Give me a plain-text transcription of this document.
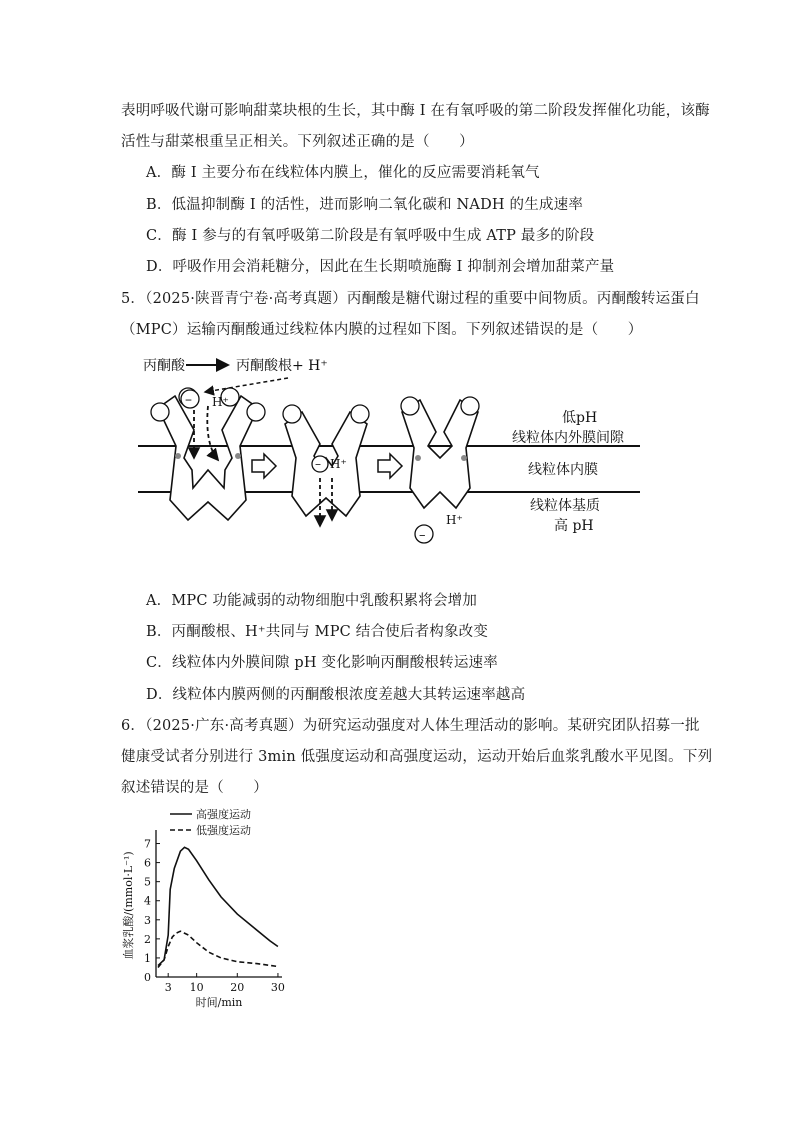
表明呼吸代谢可影响甜菜块根的生长，其中酶 I 在有氧呼吸的第二阶段发挥催化功能，该酶
活性与甜菜根重呈正相关。下列叙述正确的是（　　）
A．酶 I 主要分布在线粒体内膜上，催化的反应需要消耗氧气
B．低温抑制酶 I 的活性，进而影响二氧化碳和 NADH 的生成速率
C．酶 I 参与的有氧呼吸第二阶段是有氧呼吸中生成 ATP 最多的阶段
D．呼吸作用会消耗糖分，因此在生长期喷施酶 I 抑制剂会增加甜菜产量
5．（2025·陕晋青宁卷·高考真题）丙酮酸是糖代谢过程的重要中间物质。丙酮酸转运蛋白
（MPC）运输丙酮酸通过线粒体内膜的过程如下图。下列叙述错误的是（　　）
丙酮酸	丙酮酸根+ H⁺
– H⁺
– H⁺
H⁺
–
低pH
线粒体内外膜间隙
线粒体内膜
线粒体基质
高 pH
A．MPC 功能减弱的动物细胞中乳酸积累将会增加
B．丙酮酸根、H⁺共同与 MPC 结合使后者构象改变
C．线粒体内外膜间隙 pH 变化影响丙酮酸根转运速率
D．线粒体内膜两侧的丙酮酸根浓度差越大其转运速率越高
6．（2025·广东·高考真题）为研究运动强度对人体生理活动的影响。某研究团队招募一批
健康受试者分别进行 3min 低强度运动和高强度运动，运动开始后血浆乳酸水平见图。下列
叙述错误的是（　　）
0
1
2
3
4
5
6
7
3 10 20 30
时间/min
血浆乳酸/(mmol·L⁻¹)
高强度运动
低强度运动
